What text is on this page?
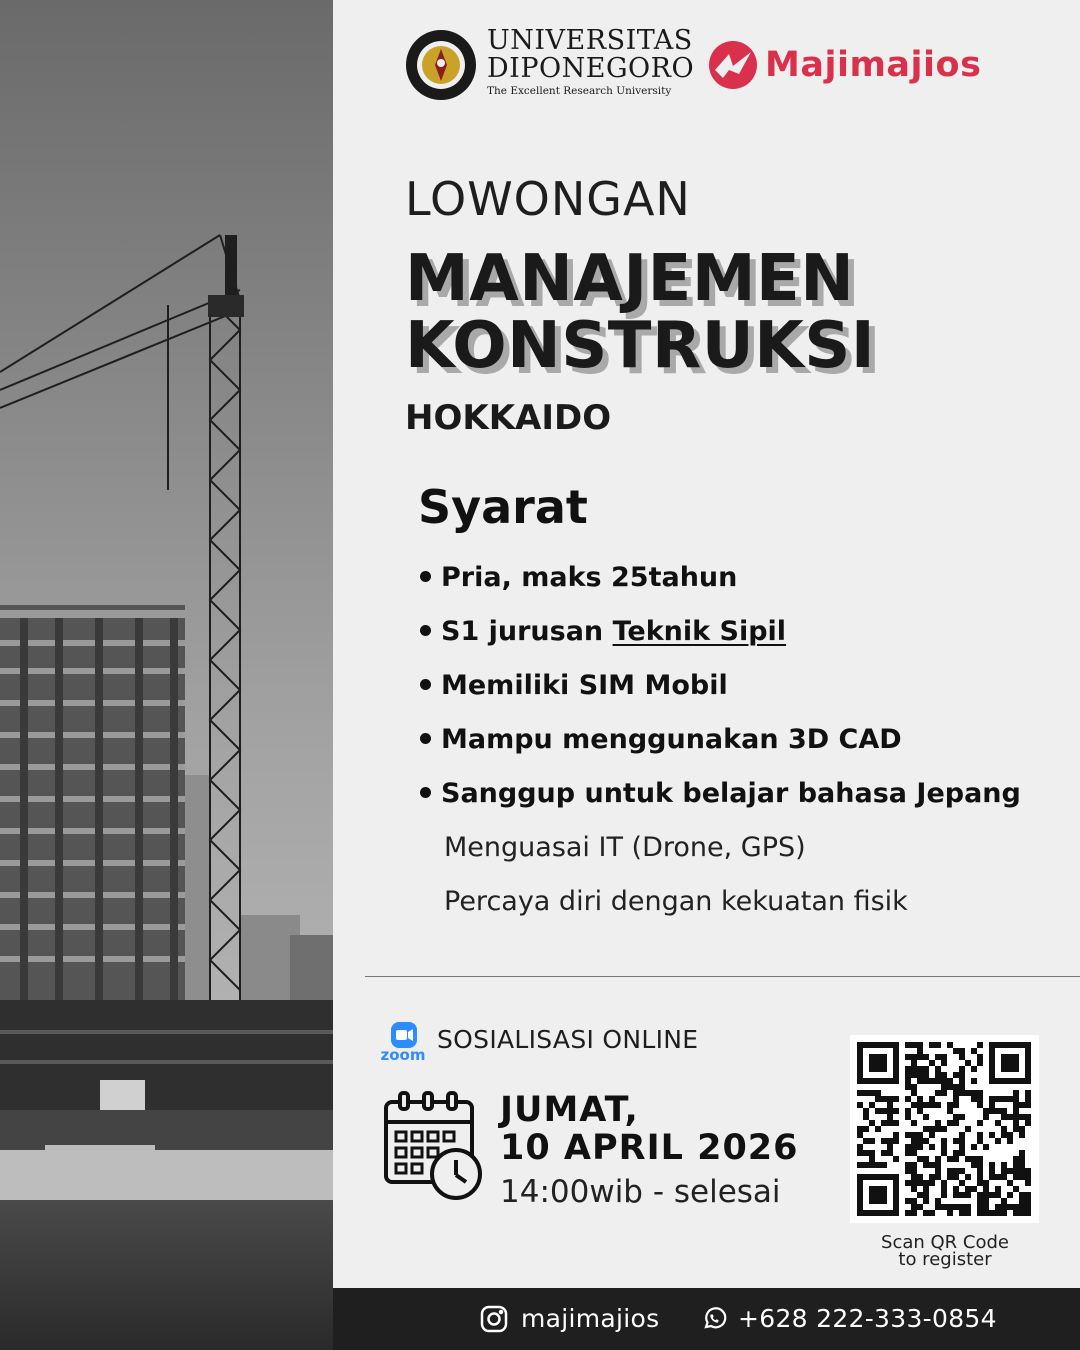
UNIVERSITAS
DIPONEGORO
The Excellent Research University
Majimajios
LOWONGAN
MANAJEMEN
KONSTRUKSI
HOKKAIDO
Syarat
Pria, maks 25tahun
S1 jurusan Teknik Sipil
Memiliki SIM Mobil
Mampu menggunakan 3D CAD
Sanggup untuk belajar bahasa Jepang
Menguasai IT (Drone, GPS)
Percaya diri dengan kekuatan fisik
zoom
SOSIALISASI ONLINE
JUMAT,
10 APRIL 2026
14:00wib - selesai
Scan QR Code
to register
majimajios	+628 222-333-0854
